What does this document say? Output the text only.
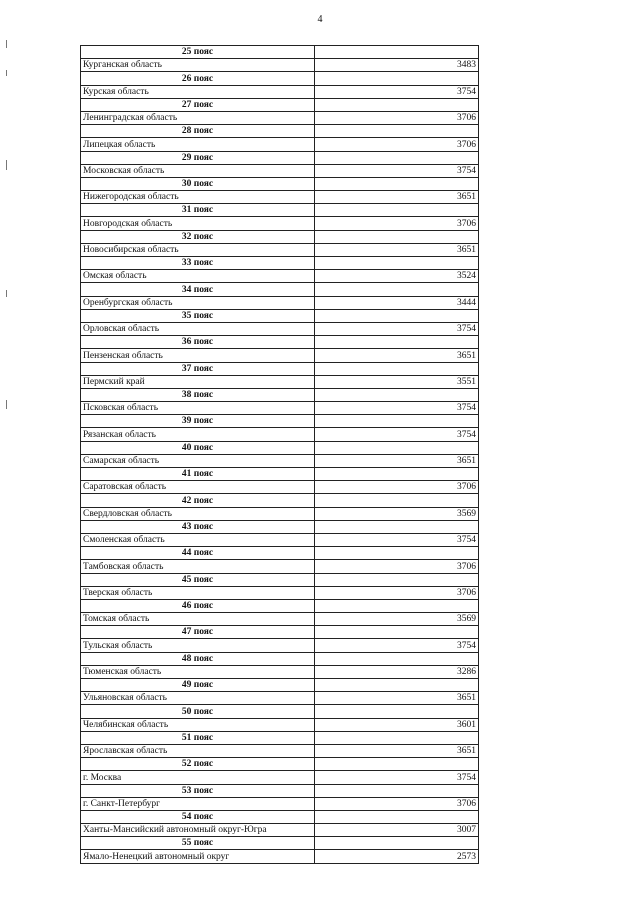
4
25 пояс	
Курганская область	3483
26 пояс	
Курская область	3754
27 пояс	
Ленинградская область	3706
28 пояс	
Липецкая область	3706
29 пояс	
Московская область	3754
30 пояс	
Нижегородская область	3651
31 пояс	
Новгородская область	3706
32 пояс	
Новосибирская область	3651
33 пояс	
Омская область	3524
34 пояс	
Оренбургская область	3444
35 пояс	
Орловская область	3754
36 пояс	
Пензенская область	3651
37 пояс	
Пермский край	3551
38 пояс	
Псковская область	3754
39 пояс	
Рязанская область	3754
40 пояс	
Самарская область	3651
41 пояс	
Саратовская область	3706
42 пояс	
Свердловская область	3569
43 пояс	
Смоленская область	3754
44 пояс	
Тамбовская область	3706
45 пояс	
Тверская область	3706
46 пояс	
Томская область	3569
47 пояс	
Тульская область	3754
48 пояс	
Тюменская область	3286
49 пояс	
Ульяновская область	3651
50 пояс	
Челябинская область	3601
51 пояс	
Ярославская область	3651
52 пояс	
г. Москва	3754
53 пояс	
г. Санкт-Петербург	3706
54 пояс	
Ханты-Мансийский автономный округ-Югра	3007
55 пояс	
Ямало-Ненецкий автономный округ	2573
